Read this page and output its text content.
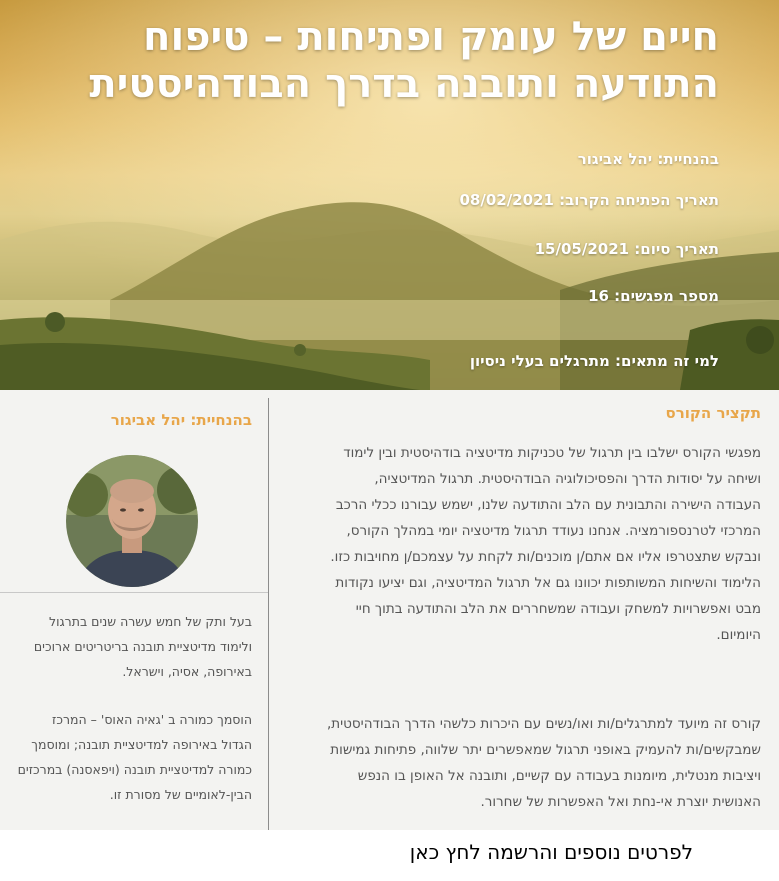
חיים של עומק ופתיחות – טיפוח
התודעה ותובנה בדרך הבודהיסטית
בהנחיית: יהל אביגור
תאריך הפתיחה הקרוב: 08/02/2021
תאריך סיום: 15/05/2021
מספר מפגשים: 16
למי זה מתאים: מתרגלים בעלי ניסיון
תקציר הקורס
מפגשי הקורס ישלבו בין תרגול של טכניקות מדיטציה בודהיסטית ובין לימוד
ושיחה על יסודות הדרך והפסיכולוגיה הבודהיסטית. תרגול המדיטציה,
העבודה הישירה והתבונית עם הלב והתודעה שלנו, ישמש עבורנו ככלי הרכב
המרכזי לטרנספורמציה. אנחנו נעודד תרגול מדיטציה יומי במהלך הקורס,
ונבקש שתצטרפו אליו אם אתם/ן מוכנים/ות לקחת על עצמכם/ן מחויבות כזו.
הלימוד והשיחות המשותפות יכוונו גם אל תרגול המדיטציה, וגם יציעו נקודות
מבט ואפשרויות למשחק ועבודה שמשחררים את הלב והתודעה בתוך חיי
היומיום.
קורס זה מיועד למתרגלים/ות ואו/נשים עם היכרות כלשהי הדרך הבודהיסטית,
שמבקשים/ות להעמיק באופני תרגול שמאפשרים יתר שלווה, פתיחות גמישות
ויציבות מנטלית, מיומנות בעבודה עם קשיים, ותובנה אל האופן בו הנפש
האנושית יוצרת אי-נחת ואל האפשרות של שחרור.
בהנחיית: יהל אביגור
בעל ותק של חמש עשרה שנים בתרגול
ולימוד מדיטציית תובנה בריטריטים ארוכים
באירופה, אסיה, וישראל.
הוסמך כמורה ב 'גאיה האוס' – המרכז
הגדול באירופה למדיטציית תובנה; ומוסמך
כמורה למדיטציית תובנה (ויפאסנה) במרכזים
הבין-לאומיים של מסורת זו.
לפרטים נוספים והרשמה לחץ כאן
